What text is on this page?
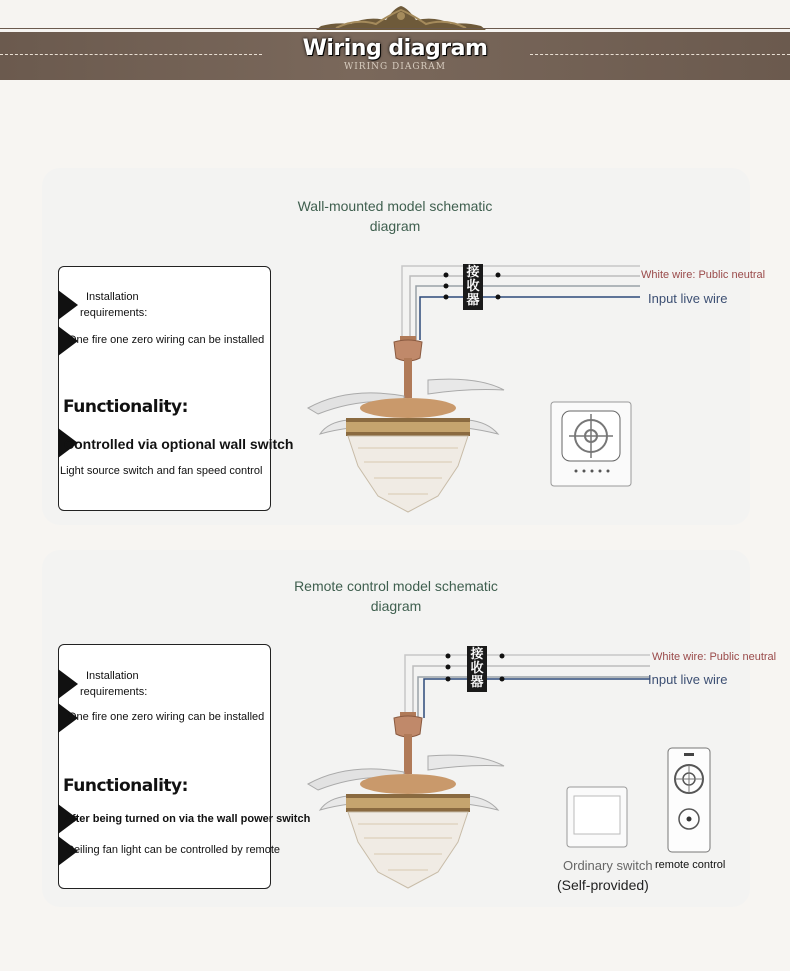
Wiring diagram
WIRING DIAGRAM
Wall-mounted model schematic
diagram
Installation
requirements:
One fire one zero wiring can be installed
Functionality:
Controlled via optional wall switch
Light source switch and fan speed control
接收器
White wire: Public neutral
Input live wire
Remote control model schematic
diagram
Installation
requirements:
One fire one zero wiring can be installed
Functionality:
After being turned on via the wall power switch
Ceiling fan light can be controlled by remote
接收器
White wire: Public neutral
Input live wire
Ordinary switch
(Self-provided)
remote control
